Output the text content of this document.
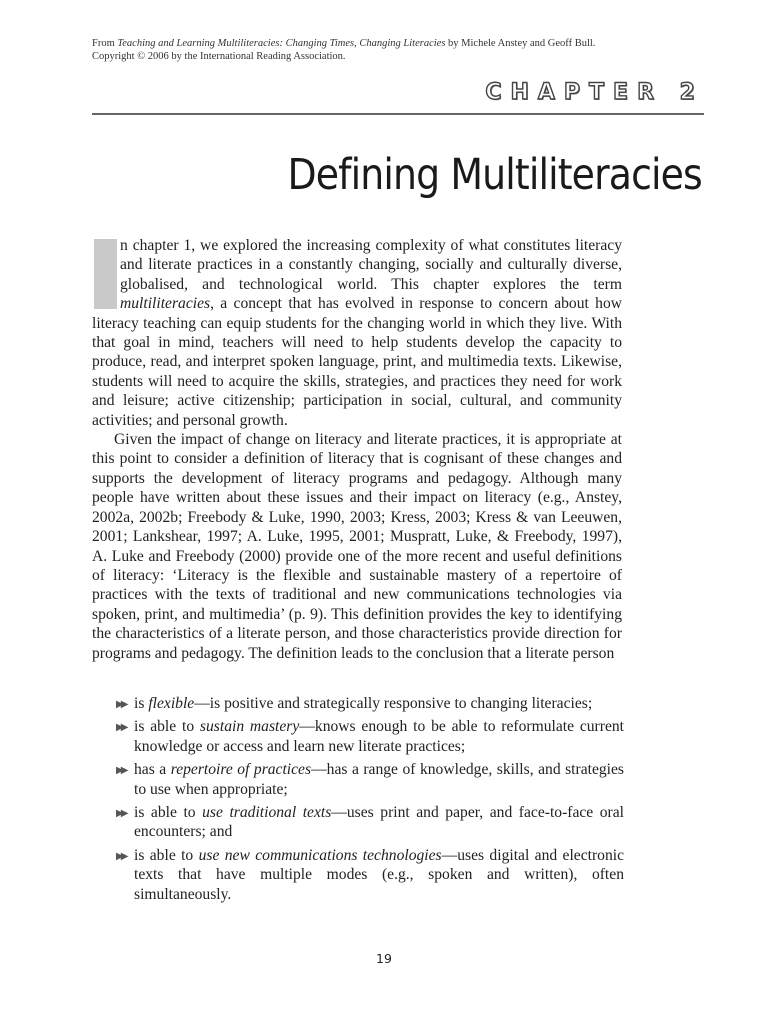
From Teaching and Learning Multiliteracies: Changing Times, Changing Literacies by Michele Anstey and Geoff Bull.
Copyright © 2006 by the International Reading Association.
CHAPTER 2
Defining Multiliteracies

n chapter 1, we explored the increasing complexity of what constitutes literacy and literate practices in a constantly changing, socially and culturally diverse, globalised, and technological world. This chapter explores the term multiliteracies, a concept that has evolved in response to concern about how literacy teaching can equip students for the changing world in which they live. With that goal in mind, teachers will need to help students develop the capacity to produce, read, and interpret spoken language, print, and multimedia texts. Likewise, students will need to acquire the skills, strategies, and practices they need for work and leisure; active citizenship; participation in social, cultural, and community activities; and personal growth.

Given the impact of change on literacy and literate practices, it is appropriate at this point to consider a definition of literacy that is cognisant of these changes and supports the development of literacy programs and pedagogy. Although many people have written about these issues and their impact on literacy (e.g., Anstey, 2002a, 2002b; Freebody & Luke, 1990, 2003; Kress, 2003; Kress & van Leeuwen, 2001; Lankshear, 1997; A. Luke, 1995, 2001; Muspratt, Luke, & Freebody, 1997), A. Luke and Freebody (2000) provide one of the more recent and useful definitions of literacy: ‘Literacy is the flexible and sustainable mastery of a repertoire of practices with the texts of traditional and new communications technologies via spoken, print, and multimedia’ (p. 9). This definition provides the key to identifying the characteristics of a literate person, and those characteristics provide direction for programs and pedagogy. The definition leads to the conclusion that a literate person

▶▶ is flexible—is positive and strategically responsive to changing literacies;
▶▶ is able to sustain mastery—knows enough to be able to reformulate current knowledge or access and learn new literate practices;
▶▶ has a repertoire of practices—has a range of knowledge, skills, and strategies to use when appropriate;
▶▶ is able to use traditional texts—uses print and paper, and face-to-face oral encounters; and
▶▶ is able to use new communications technologies—uses digital and electronic texts that have multiple modes (e.g., spoken and written), often simultaneously.
19
